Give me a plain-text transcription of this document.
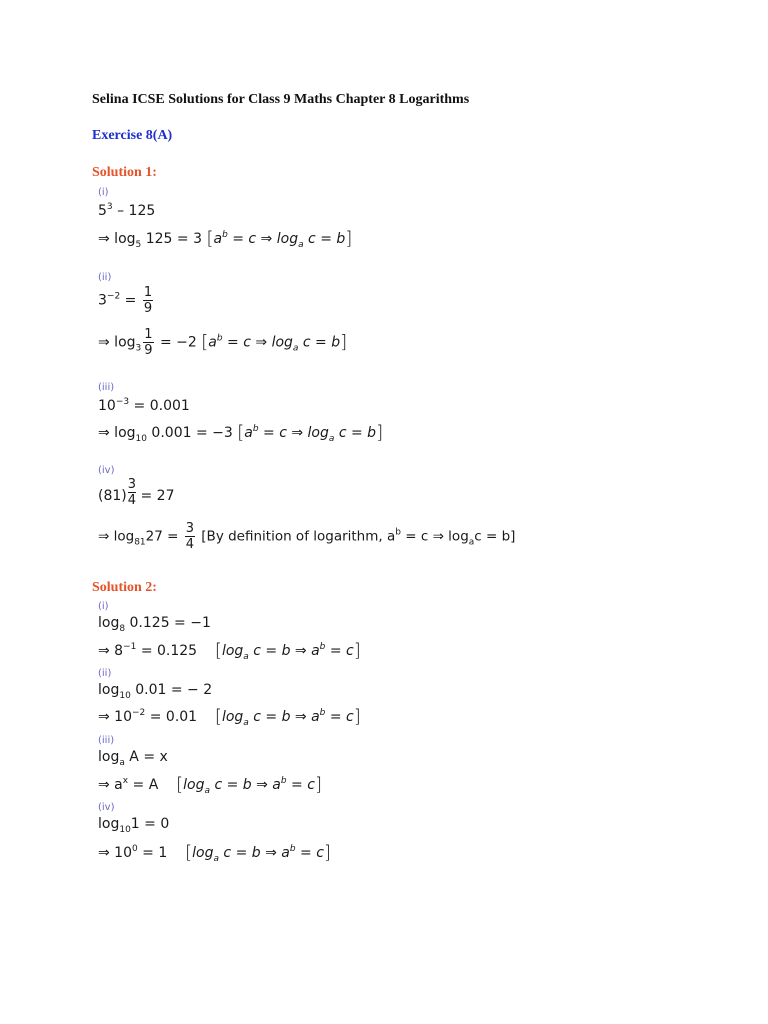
Selina ICSE Solutions for Class 9 Maths Chapter 8 Logarithms
Exercise 8(A)
Solution 1:
(i)
$5^3 - 125$
⇒ $\log_5 125 = 3$ [$a^b = c$ ⇒ $\log_a c = b$]
(ii)
$3^{-2} = \frac{1}{9}$
⇒ $\log_3 \frac{1}{9} = -2$ [$a^b = c$ ⇒ $\log_a c = b$]
(iii)
$10^{-3} = 0.001$
⇒ $\log_{10} 0.001 = -3$ [$a^b = c$ ⇒ $\log_a c = b$]
(iv)
$(81) \frac{3}{4} = 27$
⇒ $\log_{81}27 = \frac{3}{4} [By$ definition of logarithm, $a^b = c$ ⇒ $\log_ac = b$]
Solution 2:
(i)
$\log_8 0.125 = -1$
⇒ $8^{-1} = 0.125$    [$\log_a$ c = b ⇒ $a^b = c$]
(ii)
$\log_{10} 0.01$ = − 2
⇒ $10^{-2} = 0.01$    [$\log_a$ c = b ⇒ $a^b = c$]
(iii)
$\log_a A = x$
⇒ $a^x = A$    [$\log_a$ c = b ⇒ $a^b = c$]
(iv)
$\log_{10}1 = 0$
⇒ $10^0 = 1$    [$\log_a$ c = b ⇒ $a^b = c$]
